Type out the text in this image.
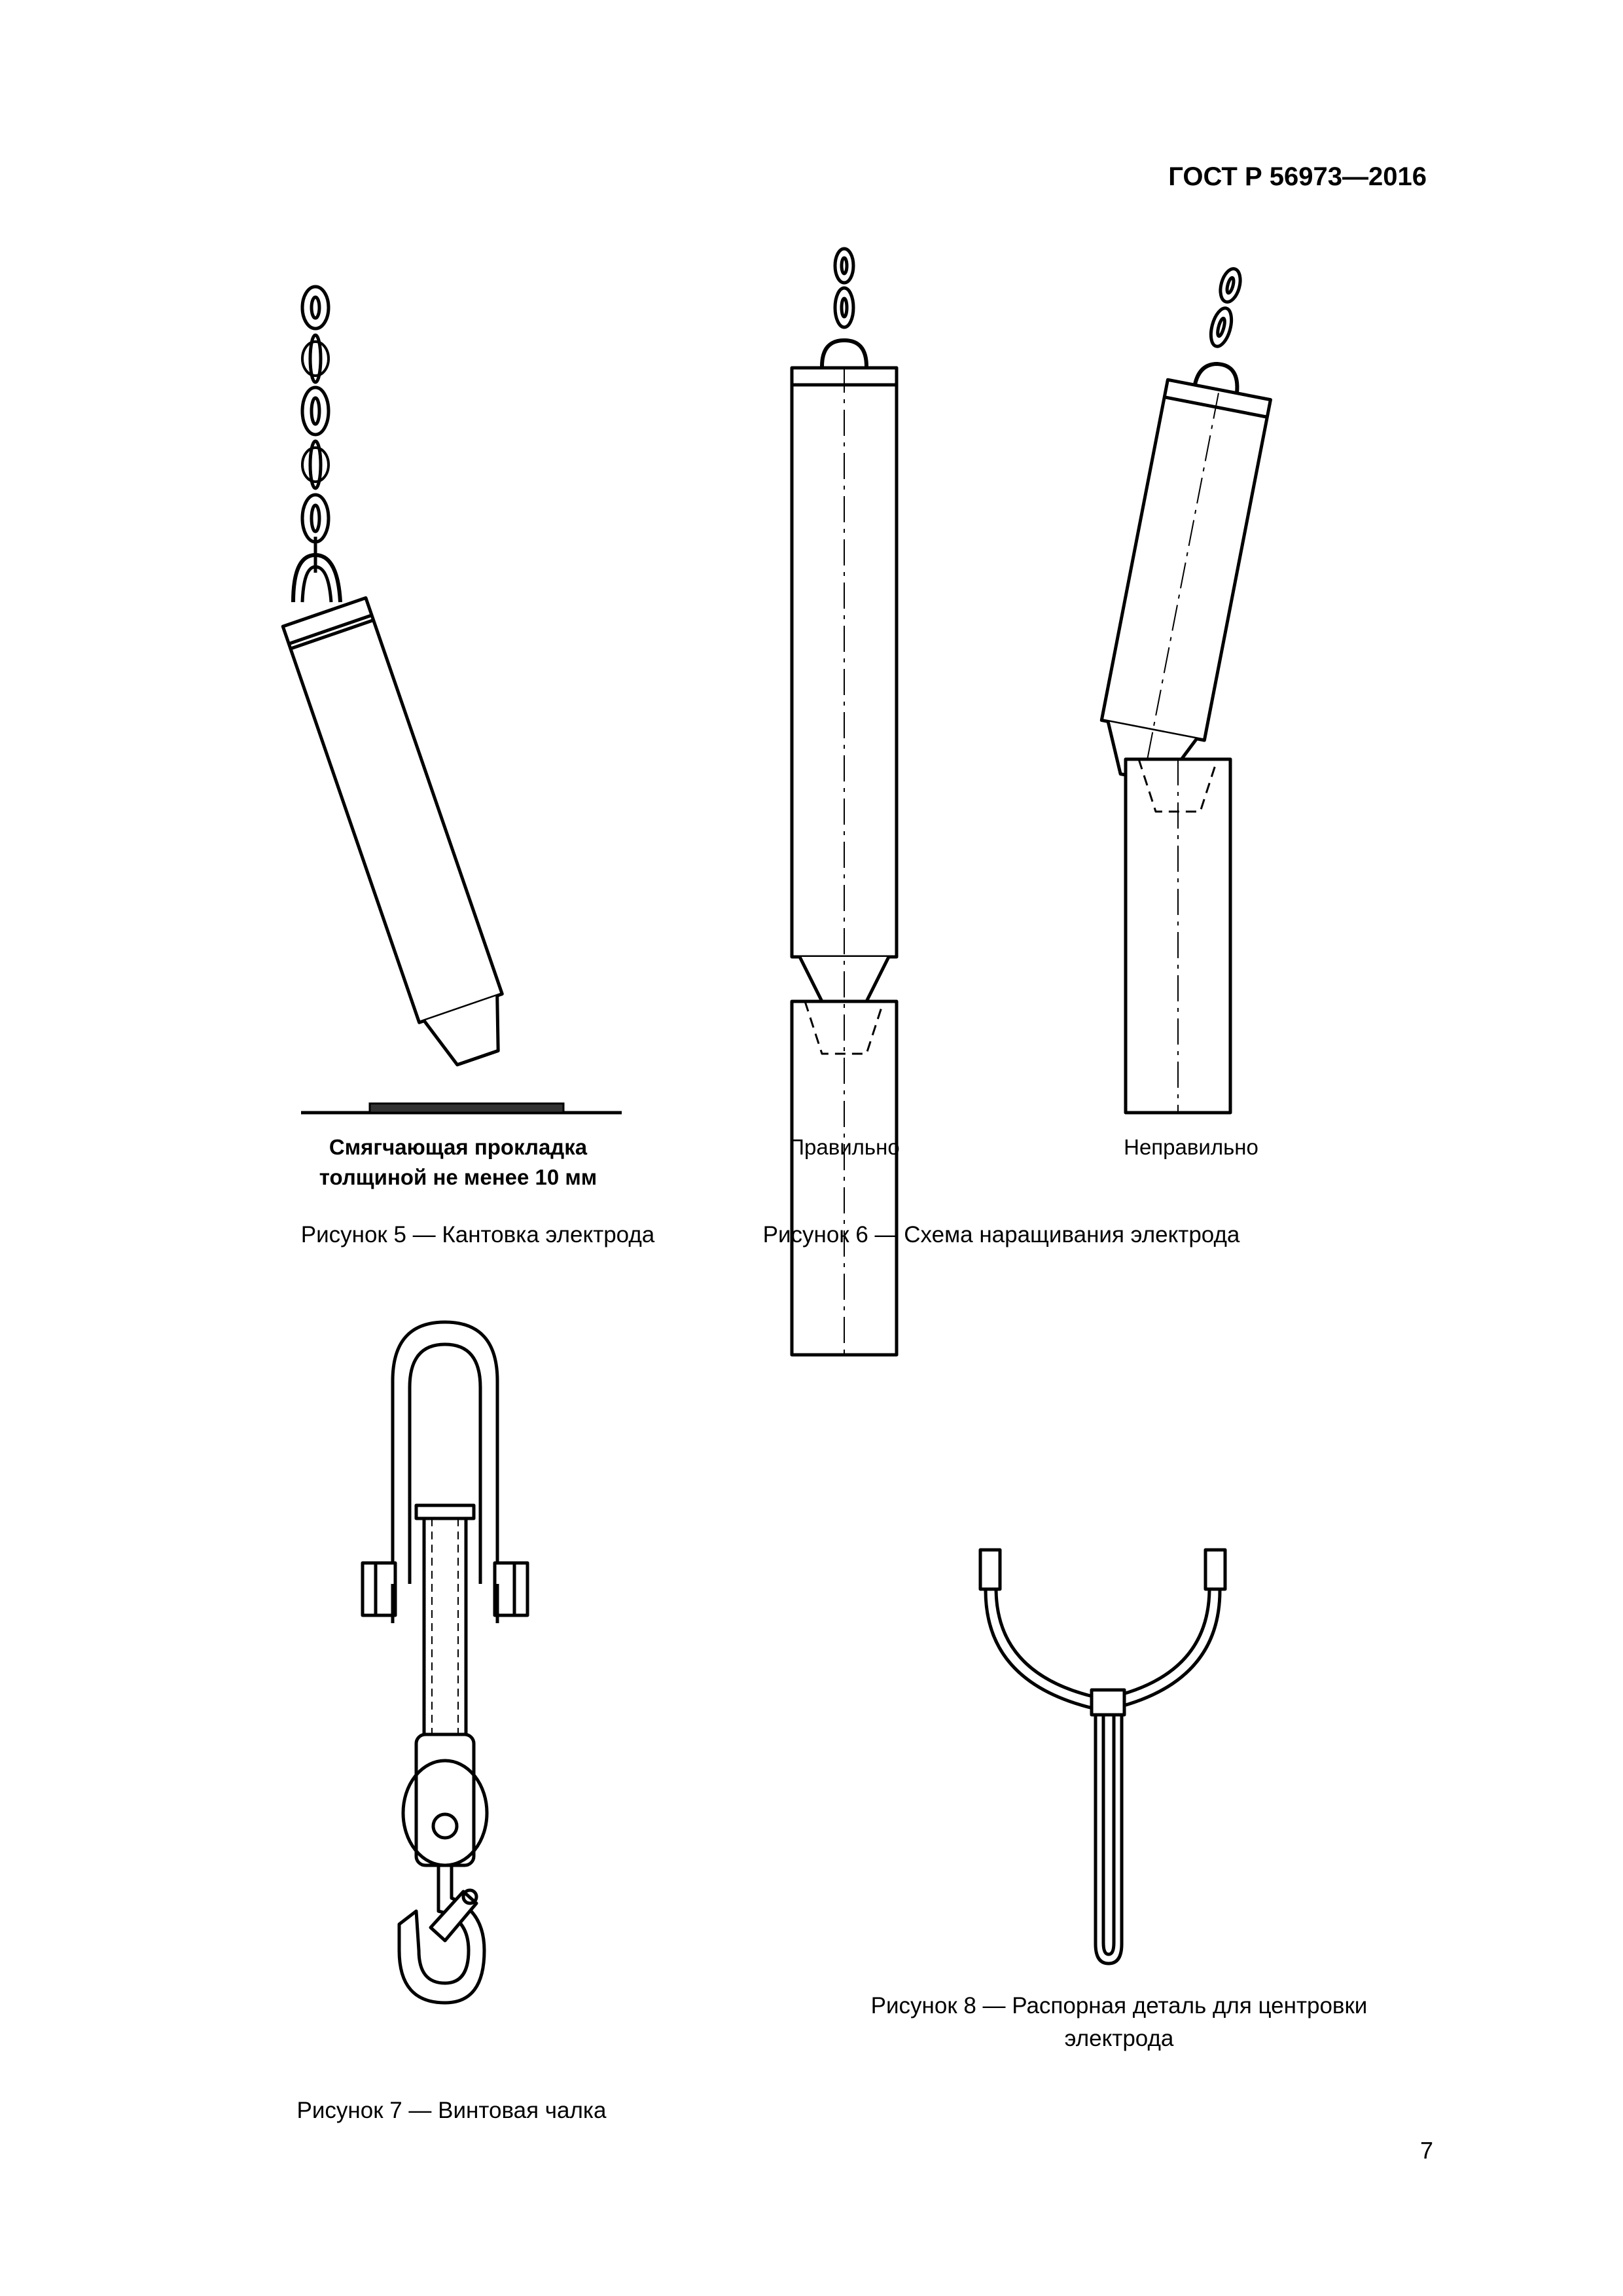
ГОСТ Р 56973—2016
Смягчающая прокладка
толщиной не менее 10 мм
Рисунок 5 — Кантовка электрода
Правильно	Неправильно
Рисунок 6 — Схема наращивания электрода
Рисунок 7 — Винтовая чалка
Рисунок 8 — Распорная деталь для центровки
электрода
7
